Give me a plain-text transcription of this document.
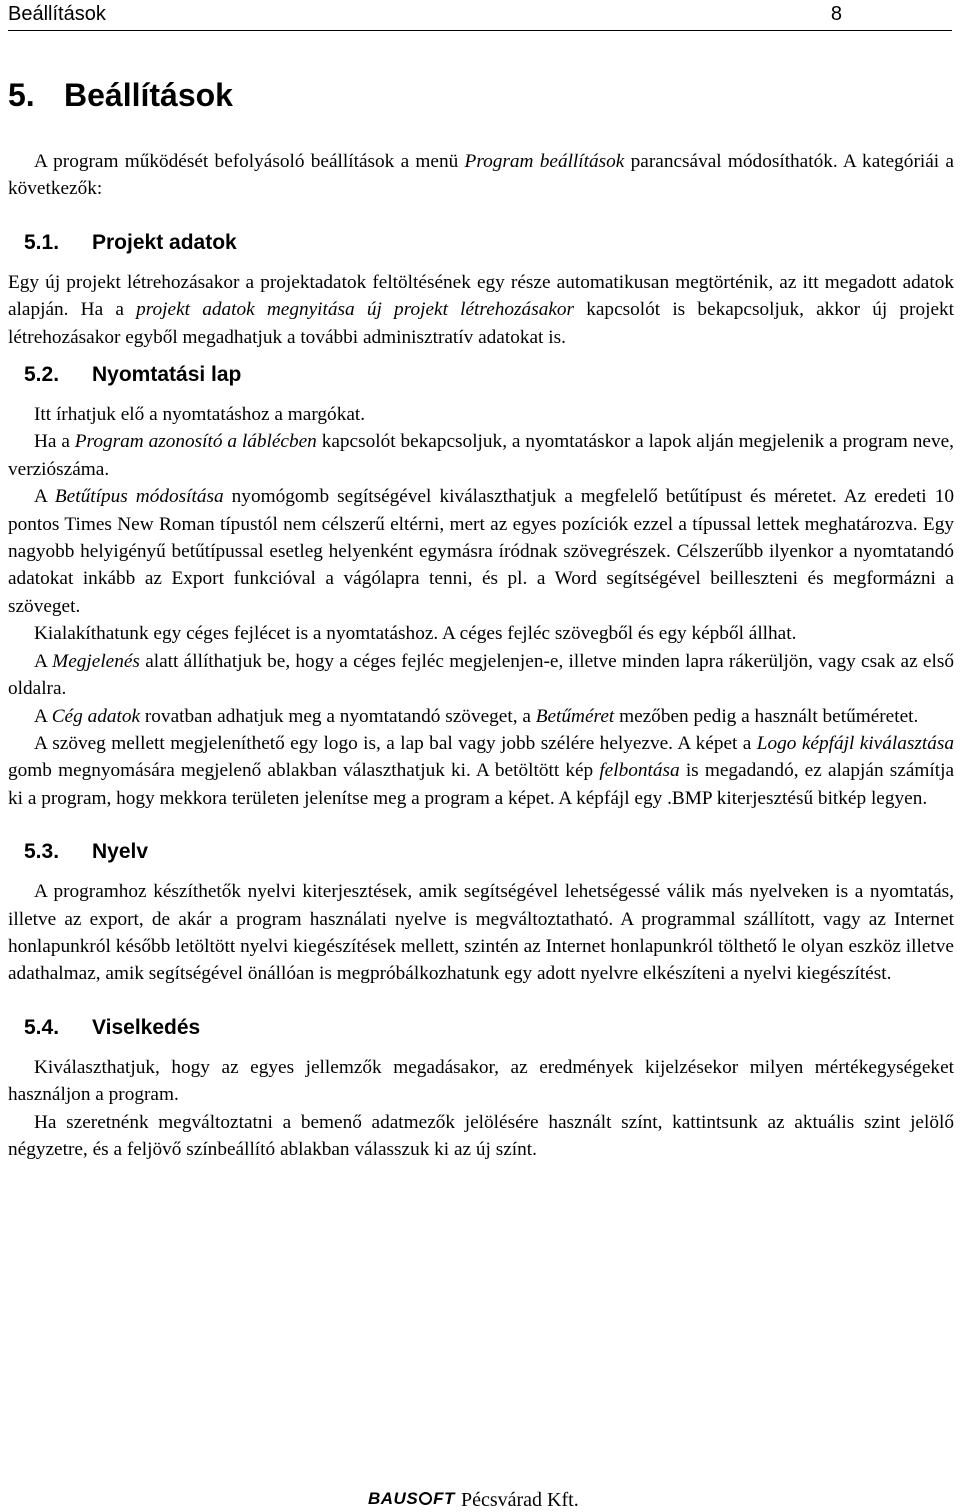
Beállítások	8
5. Beállítások

A program működését befolyásoló beállítások a menü Program beállítások parancsával módosíthatók. A kategóriái a következők:

5.1. Projekt adatok

Egy új projekt létrehozásakor a projektadatok feltöltésének egy része automatikusan megtörténik, az itt megadott adatok alapján. Ha a projekt adatok megnyitása új projekt létrehozásakor kapcsolót is bekapcsoljuk, akkor új projekt létrehozásakor egyből megadhatjuk a további adminisztratív adatokat is.

5.2. Nyomtatási lap

Itt írhatjuk elő a nyomtatáshoz a margókat.

Ha a Program azonosító a láblécben kapcsolót bekapcsoljuk, a nyomtatáskor a lapok alján megjelenik a program neve, verziószáma.

A Betűtípus módosítása nyomógomb segítségével kiválaszthatjuk a megfelelő betűtípust és méretet. Az eredeti 10 pontos Times New Roman típustól nem célszerű eltérni, mert az egyes pozíciók ezzel a típussal lettek meghatározva. Egy nagyobb helyigényű betűtípussal esetleg helyenként egymásra íródnak szövegrészek. Célszerűbb ilyenkor a nyomtatandó adatokat inkább az Export funkcióval a vágólapra tenni, és pl. a Word segítségével beilleszteni és megformázni a szöveget.

Kialakíthatunk egy céges fejlécet is a nyomtatáshoz. A céges fejléc szövegből és egy képből állhat.

A Megjelenés alatt állíthatjuk be, hogy a céges fejléc megjelenjen-e, illetve minden lapra rákerüljön, vagy csak az első oldalra.

A Cég adatok rovatban adhatjuk meg a nyomtatandó szöveget, a Betűméret mezőben pedig a használt betűméretet.

A szöveg mellett megjeleníthető egy logo is, a lap bal vagy jobb szélére helyezve. A képet a Logo képfájl kiválasztása gomb megnyomására megjelenő ablakban választhatjuk ki. A betöltött kép felbontása is megadandó, ez alapján számítja ki a program, hogy mekkora területen jelenítse meg a program a képet. A képfájl egy .BMP kiterjesztésű bitkép legyen.

5.3. Nyelv

A programhoz készíthetők nyelvi kiterjesztések, amik segítségével lehetségessé válik más nyelveken is a nyomtatás, illetve az export, de akár a program használati nyelve is megváltoztatható. A programmal szállított, vagy az Internet honlapunkról később letöltött nyelvi kiegészítések mellett, szintén az Internet honlapunkról tölthető le olyan eszköz illetve adathalmaz, amik segítségével önállóan is megpróbálkozhatunk egy adott nyelvre elkészíteni a nyelvi kiegészítést.

5.4. Viselkedés

Kiválaszthatjuk, hogy az egyes jellemzők megadásakor, az eredmények kijelzésekor milyen mértékegységeket használjon a program.

Ha szeretnénk megváltoztatni a bemenő adatmezők jelölésére használt színt, kattintsunk az aktuális szint jelölő négyzetre, és a feljövő színbeállító ablakban válasszuk ki az új színt.

BAUS FT Pécsvárad Kft.
